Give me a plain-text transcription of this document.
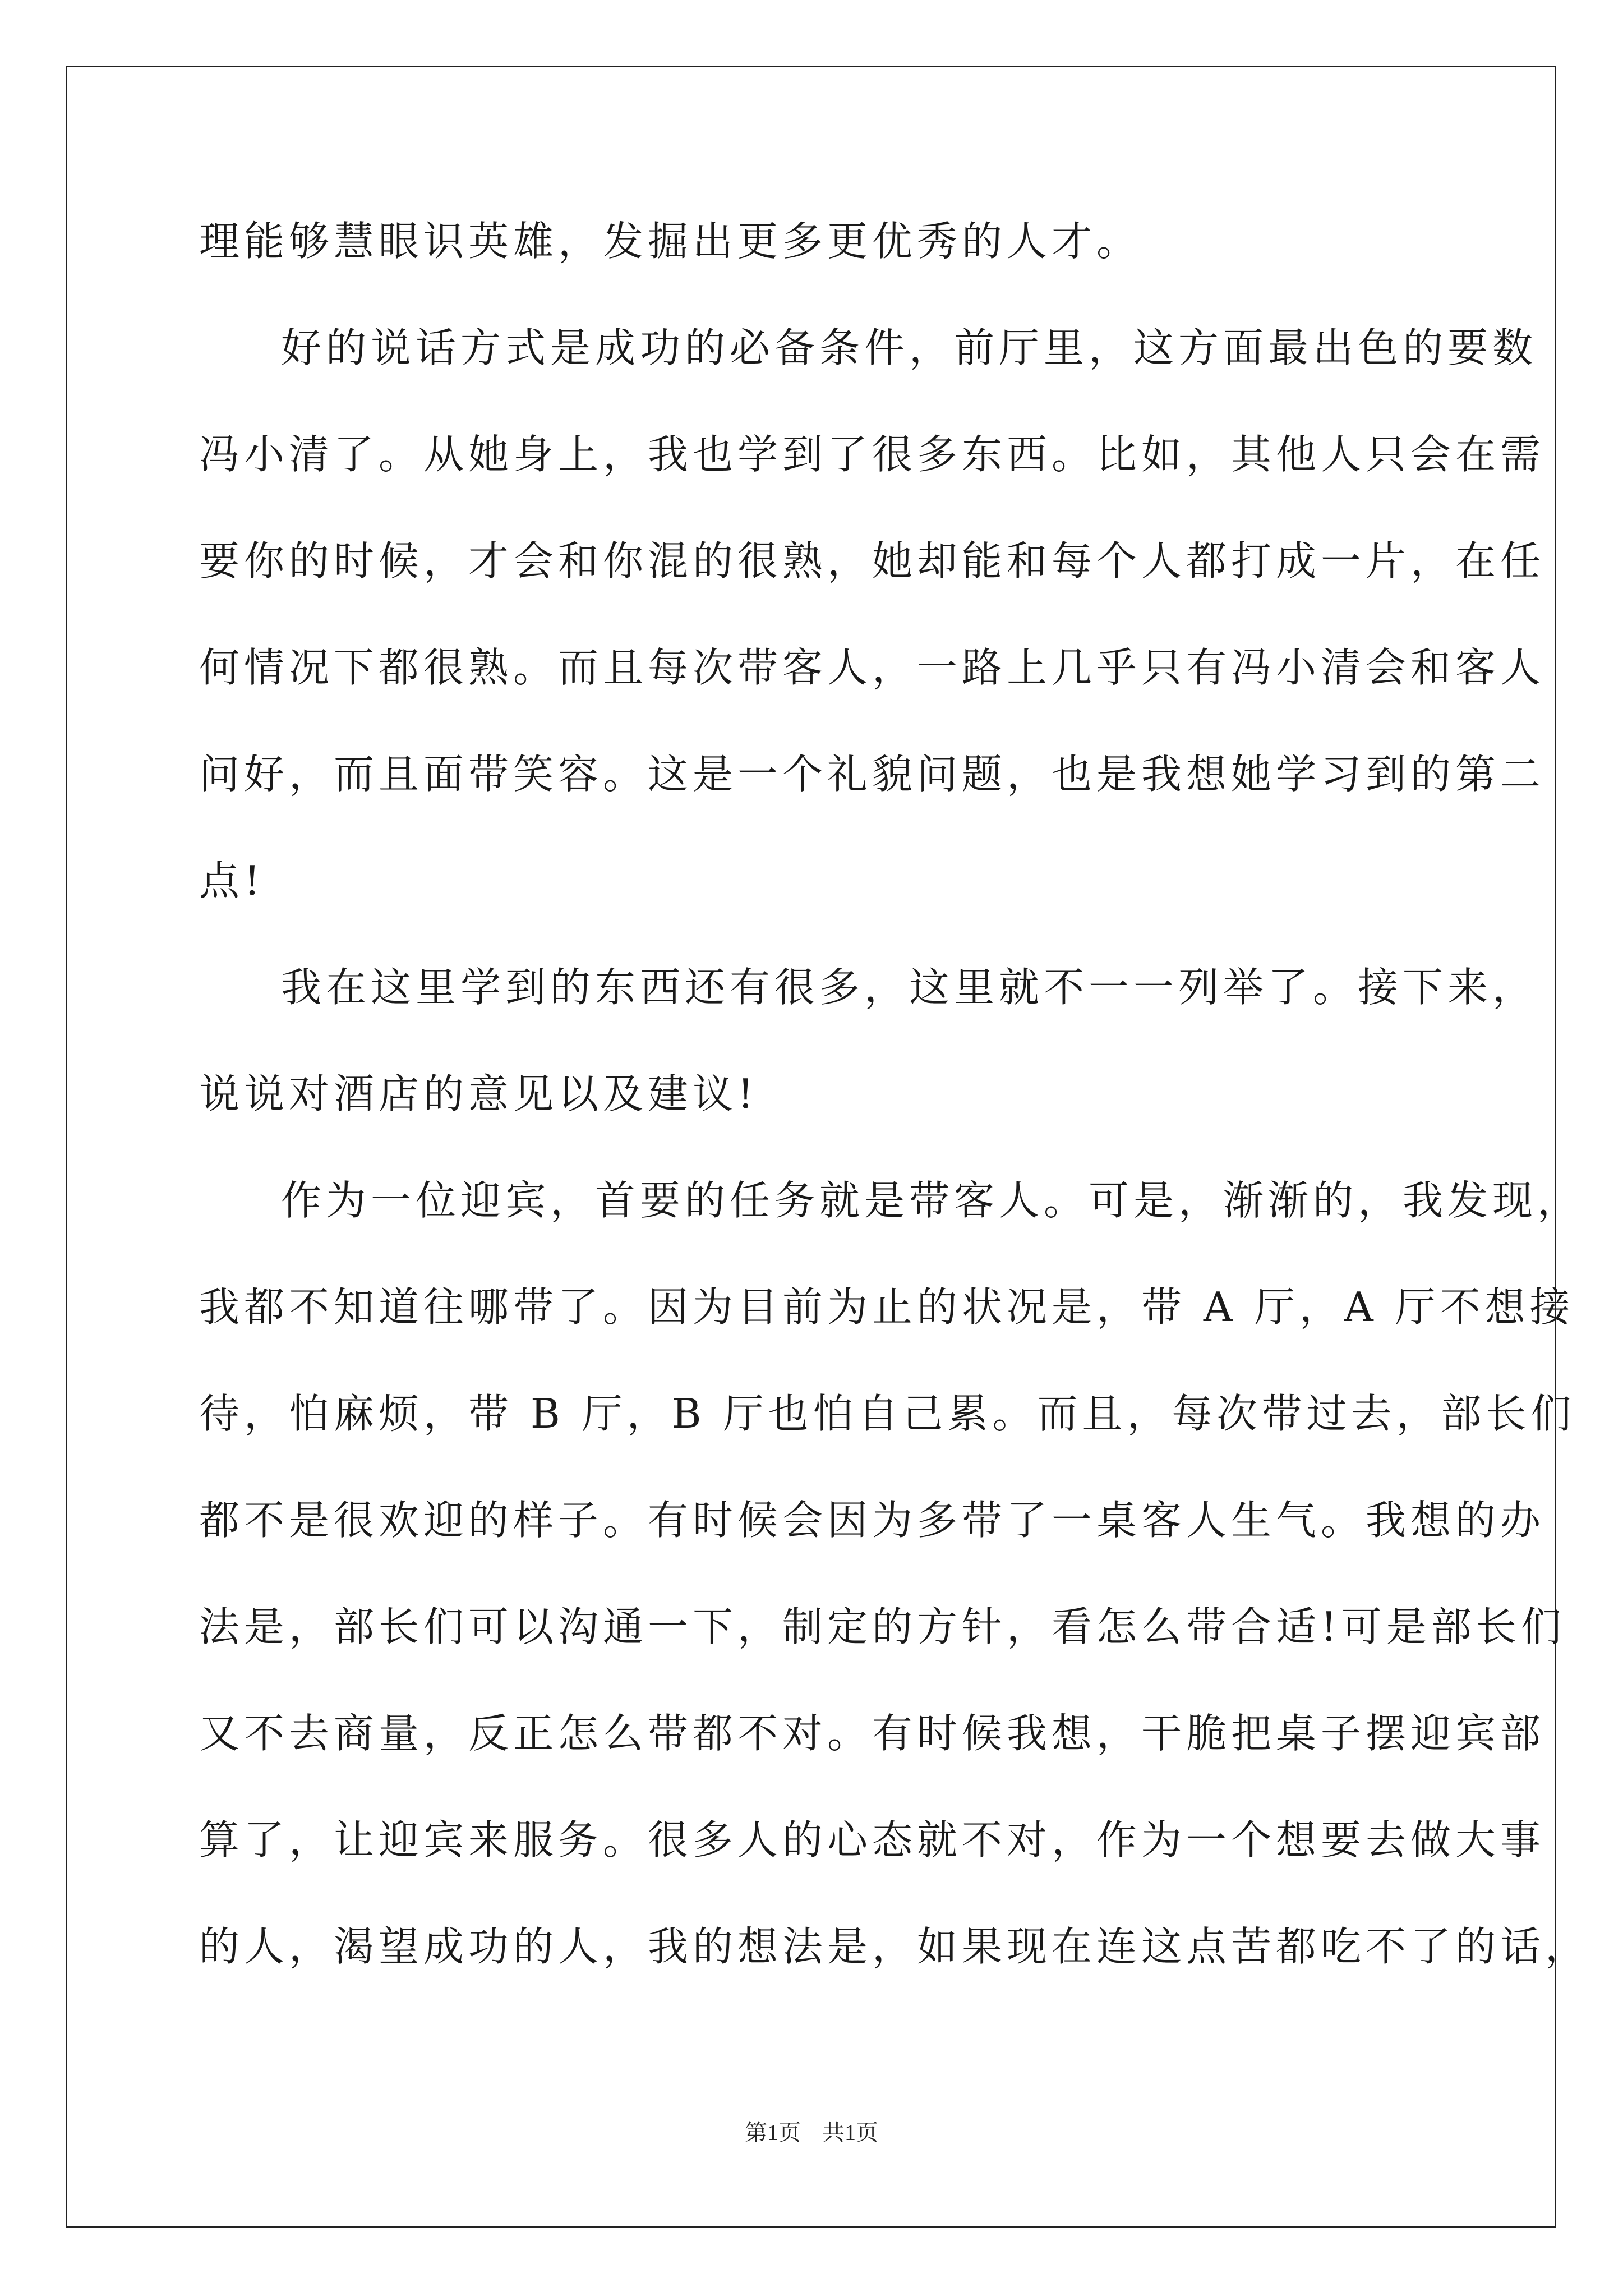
理能够慧眼识英雄，发掘出更多更优秀的人才。
好的说话方式是成功的必备条件，前厅里，这方面最出色的要数
冯小清了。从她身上，我也学到了很多东西。比如，其他人只会在需
要你的时候，才会和你混的很熟，她却能和每个人都打成一片，在任
何情况下都很熟。而且每次带客人，一路上几乎只有冯小清会和客人
问好，而且面带笑容。这是一个礼貌问题，也是我想她学习到的第二
点!
我在这里学到的东西还有很多，这里就不一一列举了。接下来，
说说对酒店的意见以及建议!
作为一位迎宾，首要的任务就是带客人。可是，渐渐的，我发现，
我都不知道往哪带了。因为目前为止的状况是，带 A 厅，A 厅不想接
待，怕麻烦，带 B 厅，B 厅也怕自己累。而且，每次带过去，部长们
都不是很欢迎的样子。有时候会因为多带了一桌客人生气。我想的办
法是，部长们可以沟通一下，制定的方针，看怎么带合适!可是部长们
又不去商量，反正怎么带都不对。有时候我想，干脆把桌子摆迎宾部
算了，让迎宾来服务。很多人的心态就不对，作为一个想要去做大事
的人，渴望成功的人，我的想法是，如果现在连这点苦都吃不了的话，
第1页 共1页
